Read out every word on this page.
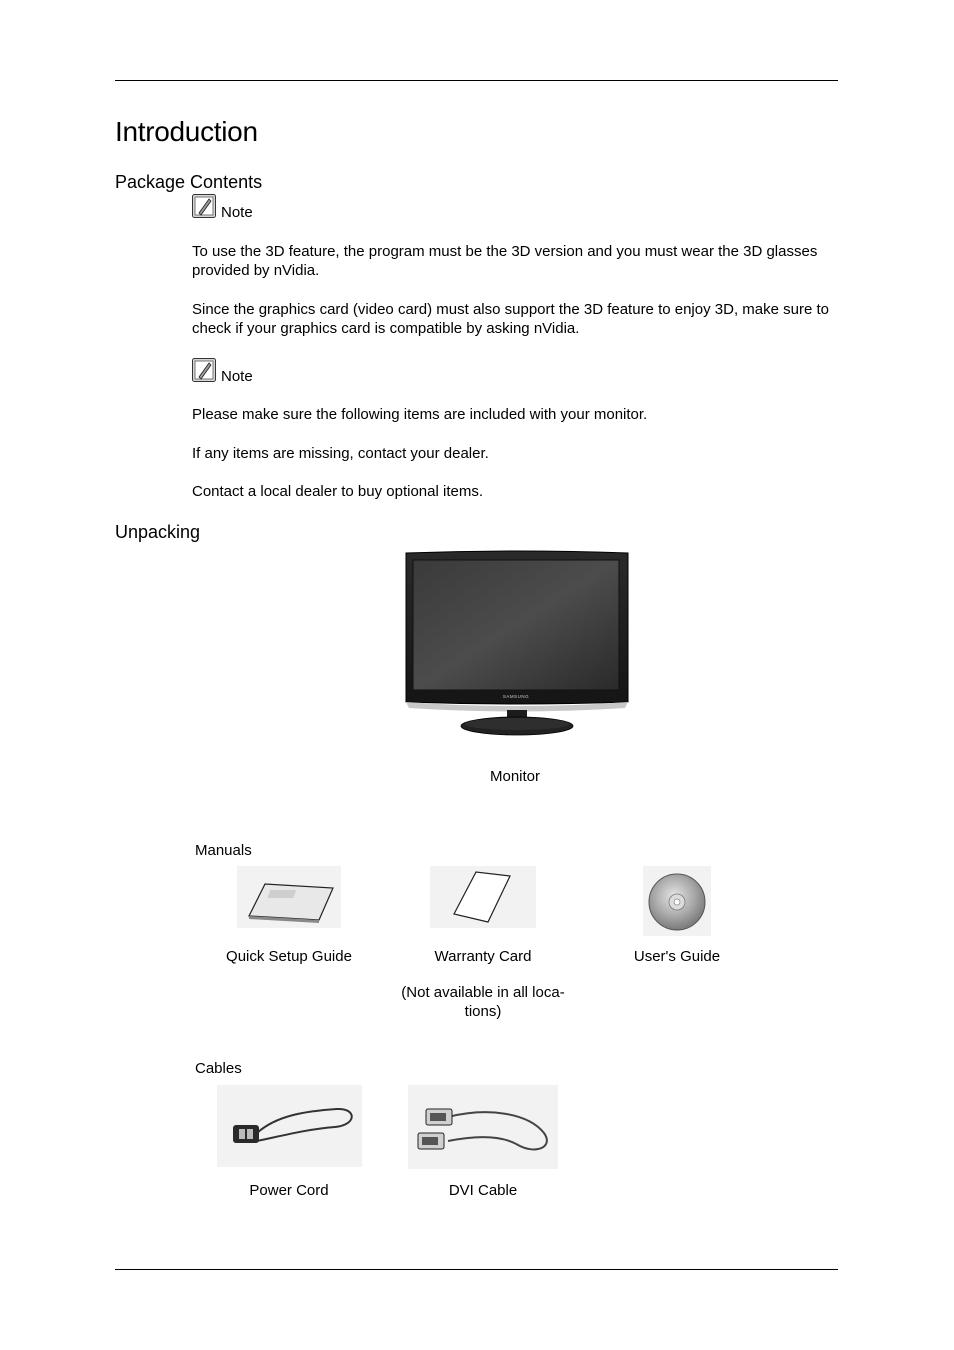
Introduction
Package Contents
Note

To use the 3D feature, the program must be the 3D version and you must wear the 3D glasses provided by nVidia.

Since the graphics card (video card) must also support the 3D feature to enjoy 3D, make sure to check if your graphics card is compatible by asking nVidia.

Note

Please make sure the following items are included with your monitor.

If any items are missing, contact your dealer.

Contact a local dealer to buy optional items.

Unpacking
SAMSUNG
Monitor
Manuals
Quick Setup Guide	Warranty Card
(Not available in all loca-
tions)
User's Guide
Cables
Power Cord	DVI Cable
